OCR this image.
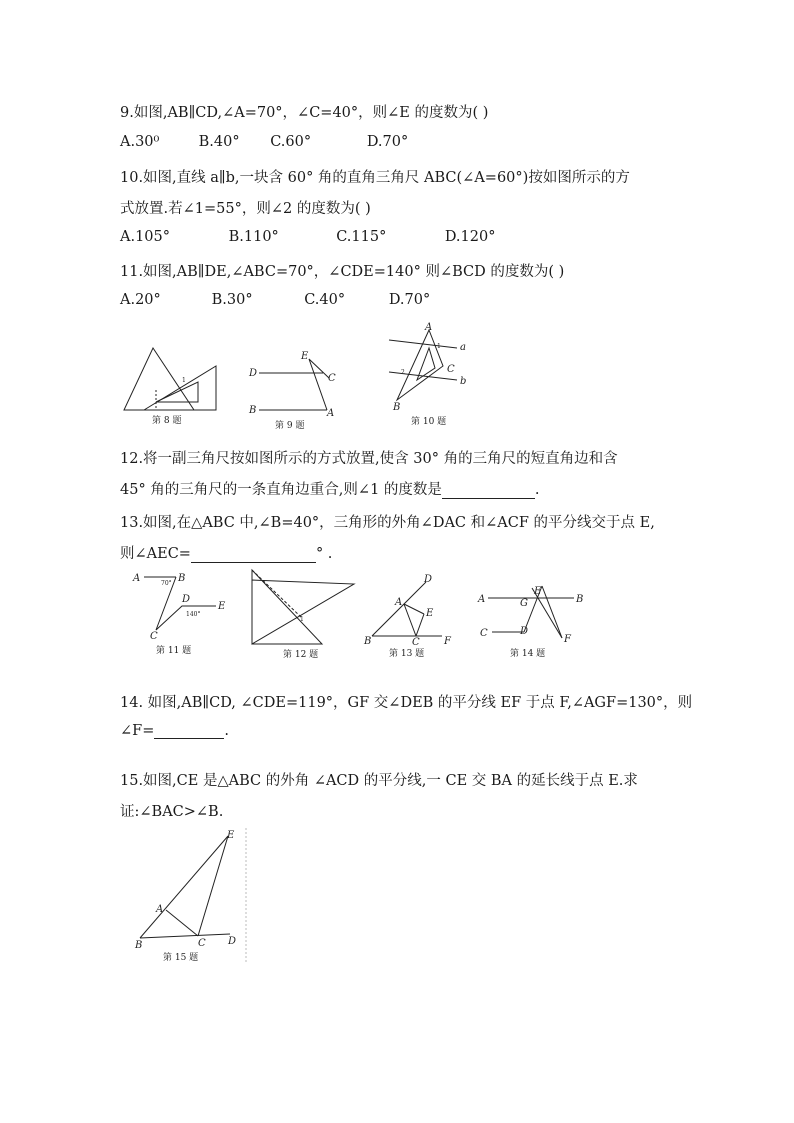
9.如图,AB∥CD,∠A=70°，∠C=40°，则∠E 的度数为( )
A.30⁰	B.40° C.60°	D.70°
10.如图,直线 a∥b,一块含 60° 角的直角三角尺 ABC(∠A=60°)按如图所示的方
式放置.若∠1=55°，则∠2 的度数为( )
A.105°	B.110°	C.115°	D.120°
11.如图,AB∥DE,∠ABC=70°，∠CDE=140° 则∠BCD 的度数为( )
A.20°	B.30°	C.40°	D.70°
1
第 8 题
D
E
C
B	A
第 9 题
A
1 a
C
2
b
B
第 10 题
12.将一副三角尺按如图所示的方式放置,使含 30° 角的三角尺的短直角边和含
45° 角的三角尺的一条直角边重合,则∠1 的度数是	.
13.如图,在△ABC 中,∠B=40°，三角形的外角∠DAC 和∠ACF 的平分线交于点 E,
则∠AEC=	° .
A	B
70°
D
E
140°
C
第 11 题
1
第 12 题
D
A
E
B	C F
第 13 题
A	G
E
B
C	D
F
第 14 题
14. 如图,AB∥CD, ∠CDE=119°，GF 交∠DEB 的平分线 EF 于点 F,∠AGF=130°，则
∠F=	.
15.如图,CE 是△ABC 的外角 ∠ACD 的平分线,一 CE 交 BA 的延长线于点 E.求
证:∠BAC>∠B.
E
A
B	C D
第 15 题
